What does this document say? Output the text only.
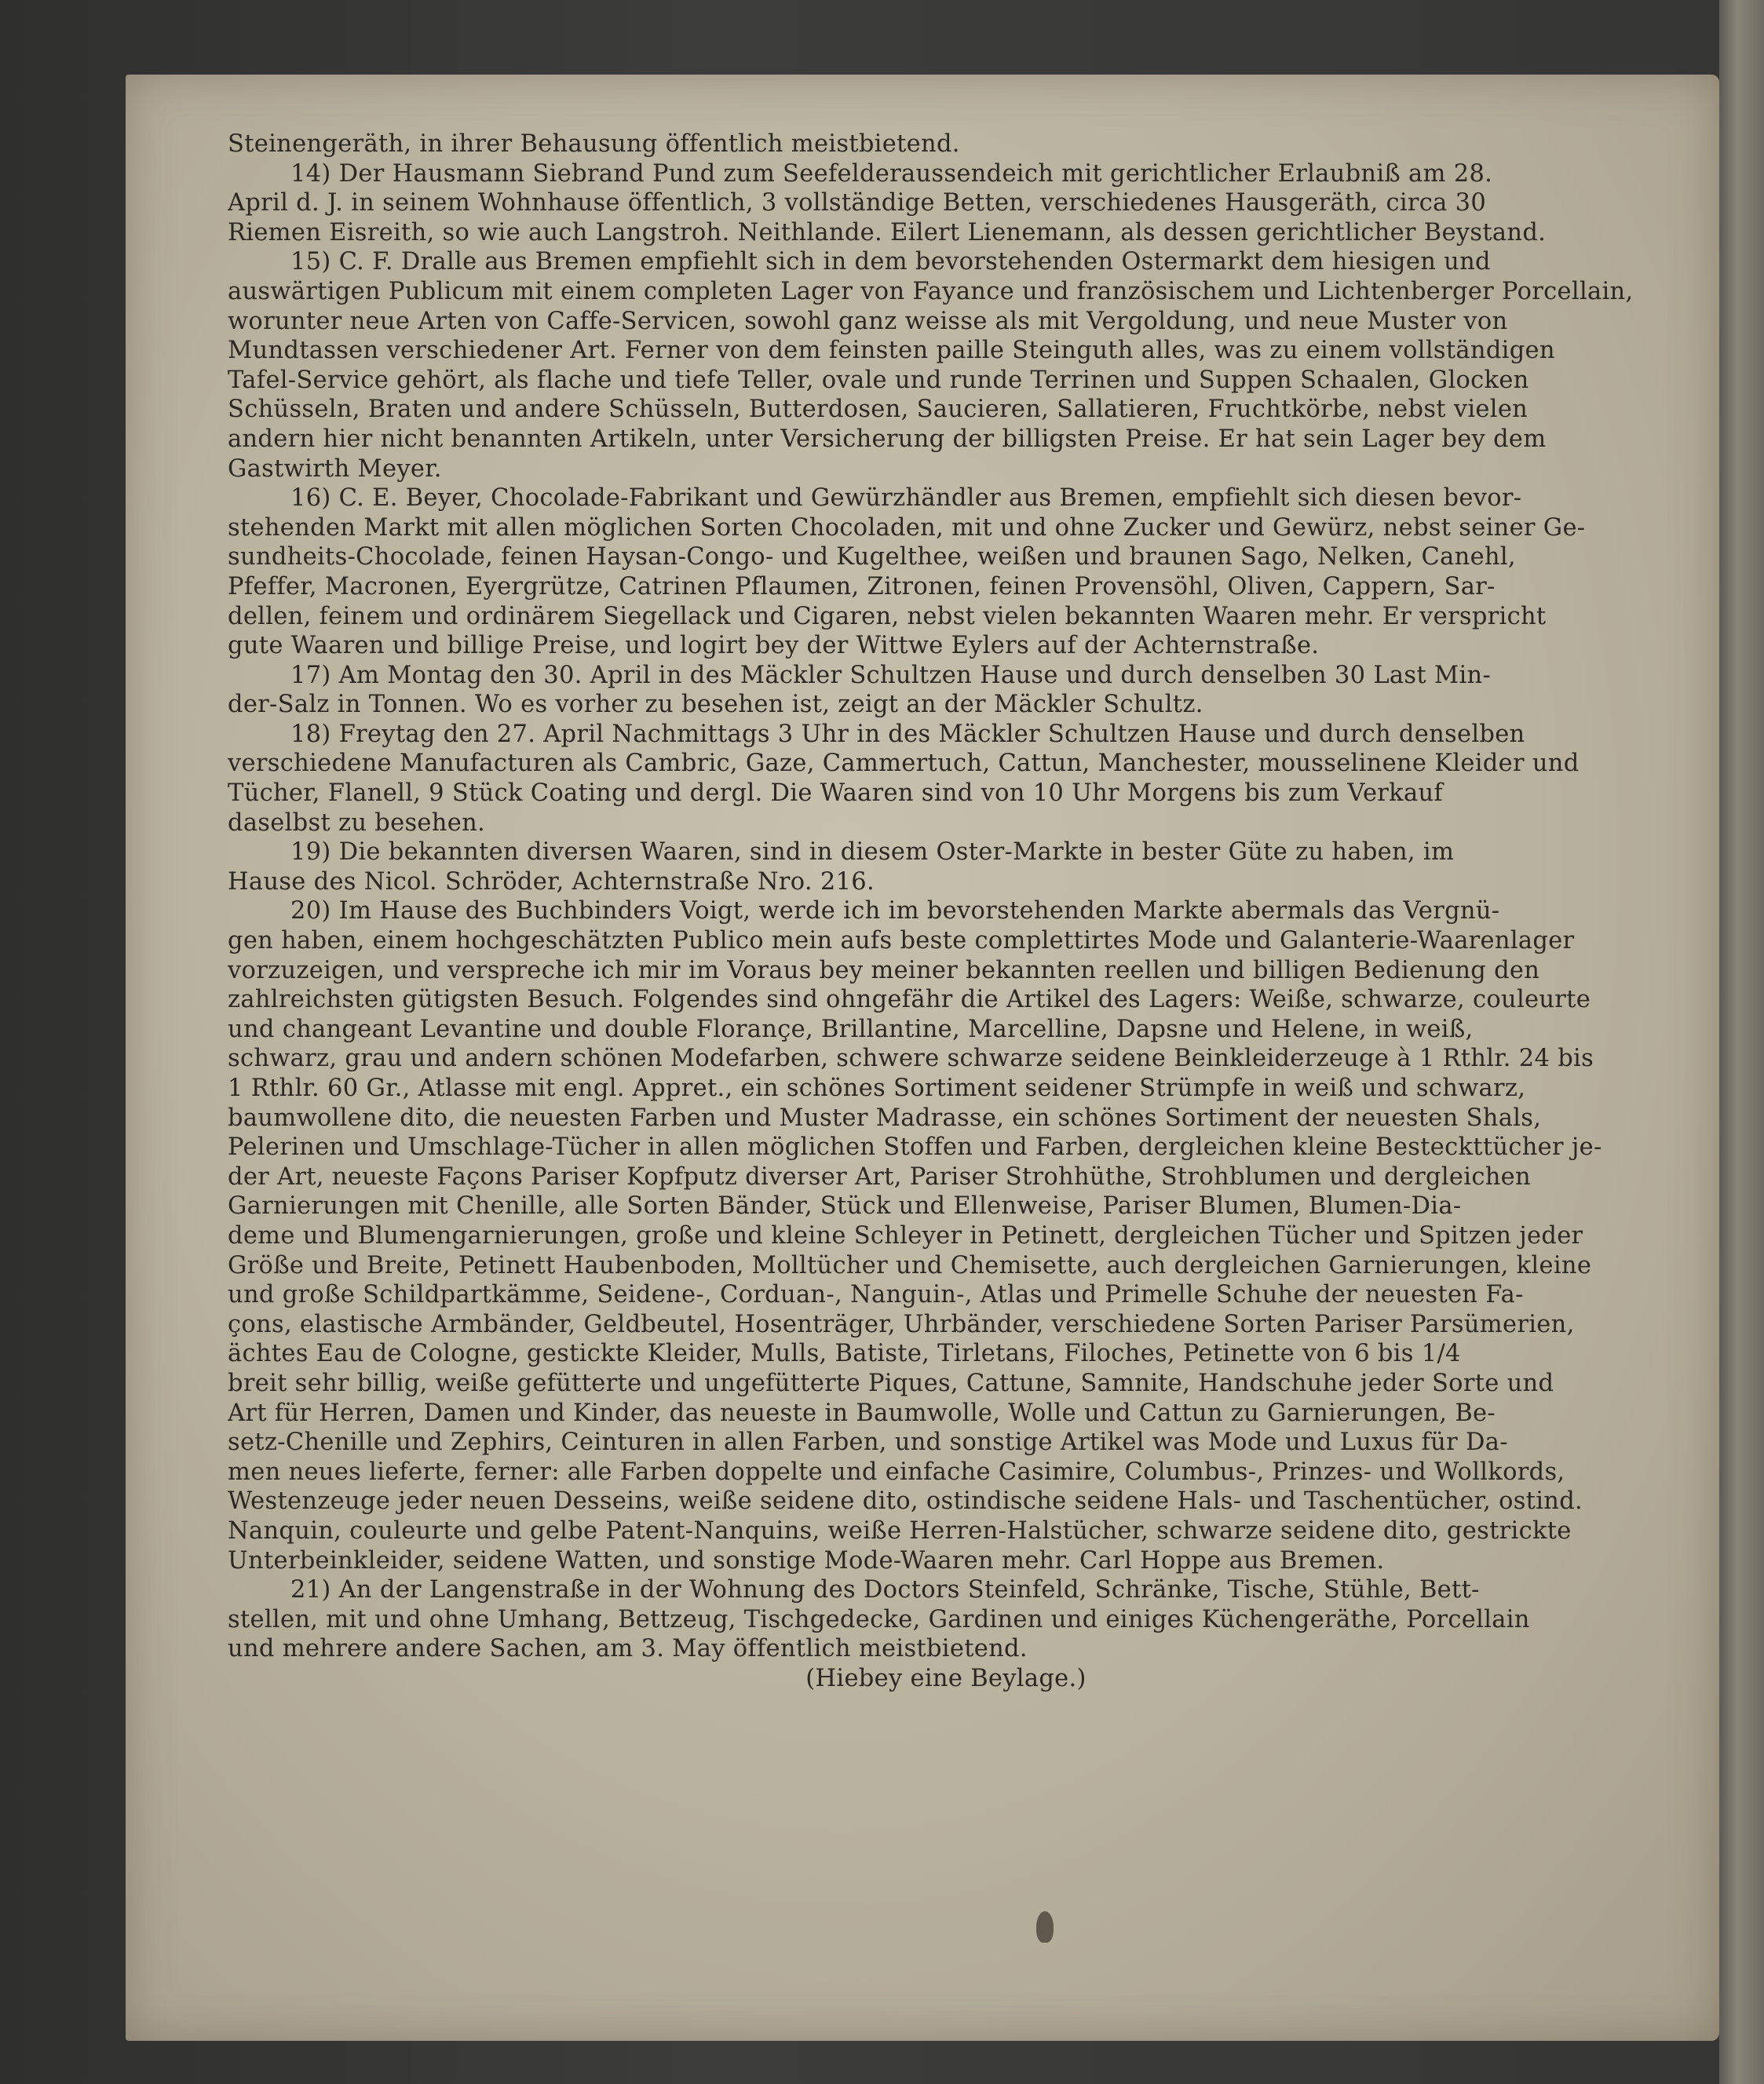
Steinengeräth, in ihrer Behausung öffentlich meistbietend.
14) Der Hausmann Siebrand Pund zum Seefelderaussendeich mit gerichtlicher Erlaubniß am 28.
April d. J. in seinem Wohnhause öffentlich, 3 vollständige Betten, verschiedenes Hausgeräth, circa 30
Riemen Eisreith, so wie auch Langstroh. Neithlande. Eilert Lienemann, als dessen gerichtlicher Beystand.
15) C. F. Dralle aus Bremen empfiehlt sich in dem bevorstehenden Ostermarkt dem hiesigen und
auswärtigen Publicum mit einem completen Lager von Fayance und französischem und Lichtenberger Porcellain,
worunter neue Arten von Caffe-Servicen, sowohl ganz weisse als mit Vergoldung, und neue Muster von
Mundtassen verschiedener Art. Ferner von dem feinsten paille Steinguth alles, was zu einem vollständigen
Tafel-Service gehört, als flache und tiefe Teller, ovale und runde Terrinen und Suppen Schaalen, Glocken
Schüsseln, Braten und andere Schüsseln, Butterdosen, Saucieren, Sallatieren, Fruchtkörbe, nebst vielen
andern hier nicht benannten Artikeln, unter Versicherung der billigsten Preise. Er hat sein Lager bey dem
Gastwirth Meyer.
16) C. E. Beyer, Chocolade-Fabrikant und Gewürzhändler aus Bremen, empfiehlt sich diesen bevor-
stehenden Markt mit allen möglichen Sorten Chocoladen, mit und ohne Zucker und Gewürz, nebst seiner Ge-
sundheits-Chocolade, feinen Haysan-Congo- und Kugelthee, weißen und braunen Sago, Nelken, Canehl,
Pfeffer, Macronen, Eyergrütze, Catrinen Pflaumen, Zitronen, feinen Provensöhl, Oliven, Cappern, Sar-
dellen, feinem und ordinärem Siegellack und Cigaren, nebst vielen bekannten Waaren mehr. Er verspricht
gute Waaren und billige Preise, und logirt bey der Wittwe Eylers auf der Achternstraße.
17) Am Montag den 30. April in des Mäckler Schultzen Hause und durch denselben 30 Last Min-
der-Salz in Tonnen. Wo es vorher zu besehen ist, zeigt an der Mäckler Schultz.
18) Freytag den 27. April Nachmittags 3 Uhr in des Mäckler Schultzen Hause und durch denselben
verschiedene Manufacturen als Cambric, Gaze, Cammertuch, Cattun, Manchester, mousselinene Kleider und
Tücher, Flanell, 9 Stück Coating und dergl. Die Waaren sind von 10 Uhr Morgens bis zum Verkauf
daselbst zu besehen.
19) Die bekannten diversen Waaren, sind in diesem Oster-Markte in bester Güte zu haben, im
Hause des Nicol. Schröder, Achternstraße Nro. 216.
20) Im Hause des Buchbinders Voigt, werde ich im bevorstehenden Markte abermals das Vergnü-
gen haben, einem hochgeschätzten Publico mein aufs beste complettirtes Mode und Galanterie-Waarenlager
vorzuzeigen, und verspreche ich mir im Voraus bey meiner bekannten reellen und billigen Bedienung den
zahlreichsten gütigsten Besuch. Folgendes sind ohngefähr die Artikel des Lagers: Weiße, schwarze, couleurte
und changeant Levantine und double Florançe, Brillantine, Marcelline, Dapsne und Helene, in weiß,
schwarz, grau und andern schönen Modefarben, schwere schwarze seidene Beinkleiderzeuge à 1 Rthlr. 24 bis
1 Rthlr. 60 Gr., Atlasse mit engl. Appret., ein schönes Sortiment seidener Strümpfe in weiß und schwarz,
baumwollene dito, die neuesten Farben und Muster Madrasse, ein schönes Sortiment der neuesten Shals,
Pelerinen und Umschlage-Tücher in allen möglichen Stoffen und Farben, dergleichen kleine Besteckttücher je-
der Art, neueste Façons Pariser Kopfputz diverser Art, Pariser Strohhüthe, Strohblumen und dergleichen
Garnierungen mit Chenille, alle Sorten Bänder, Stück und Ellenweise, Pariser Blumen, Blumen-Dia-
deme und Blumengarnierungen, große und kleine Schleyer in Petinett, dergleichen Tücher und Spitzen jeder
Größe und Breite, Petinett Haubenboden, Molltücher und Chemisette, auch dergleichen Garnierungen, kleine
und große Schildpartkämme, Seidene-, Corduan-, Nanguin-, Atlas und Primelle Schuhe der neuesten Fa-
çons, elastische Armbänder, Geldbeutel, Hosenträger, Uhrbänder, verschiedene Sorten Pariser Parsümerien,
ächtes Eau de Cologne, gestickte Kleider, Mulls, Batiste, Tirletans, Filoches, Petinette von 6 bis 1/4
breit sehr billig, weiße gefütterte und ungefütterte Piques, Cattune, Samnite, Handschuhe jeder Sorte und
Art für Herren, Damen und Kinder, das neueste in Baumwolle, Wolle und Cattun zu Garnierungen, Be-
setz-Chenille und Zephirs, Ceinturen in allen Farben, und sonstige Artikel was Mode und Luxus für Da-
men neues lieferte, ferner: alle Farben doppelte und einfache Casimire, Columbus-, Prinzes- und Wollkords,
Westenzeuge jeder neuen Desseins, weiße seidene dito, ostindische seidene Hals- und Taschentücher, ostind.
Nanquin, couleurte und gelbe Patent-Nanquins, weiße Herren-Halstücher, schwarze seidene dito, gestrickte
Unterbeinkleider, seidene Watten, und sonstige Mode-Waaren mehr. Carl Hoppe aus Bremen.
21) An der Langenstraße in der Wohnung des Doctors Steinfeld, Schränke, Tische, Stühle, Bett-
stellen, mit und ohne Umhang, Bettzeug, Tischgedecke, Gardinen und einiges Küchengeräthe, Porcellain
und mehrere andere Sachen, am 3. May öffentlich meistbietend.
(Hiebey eine Beylage.)
